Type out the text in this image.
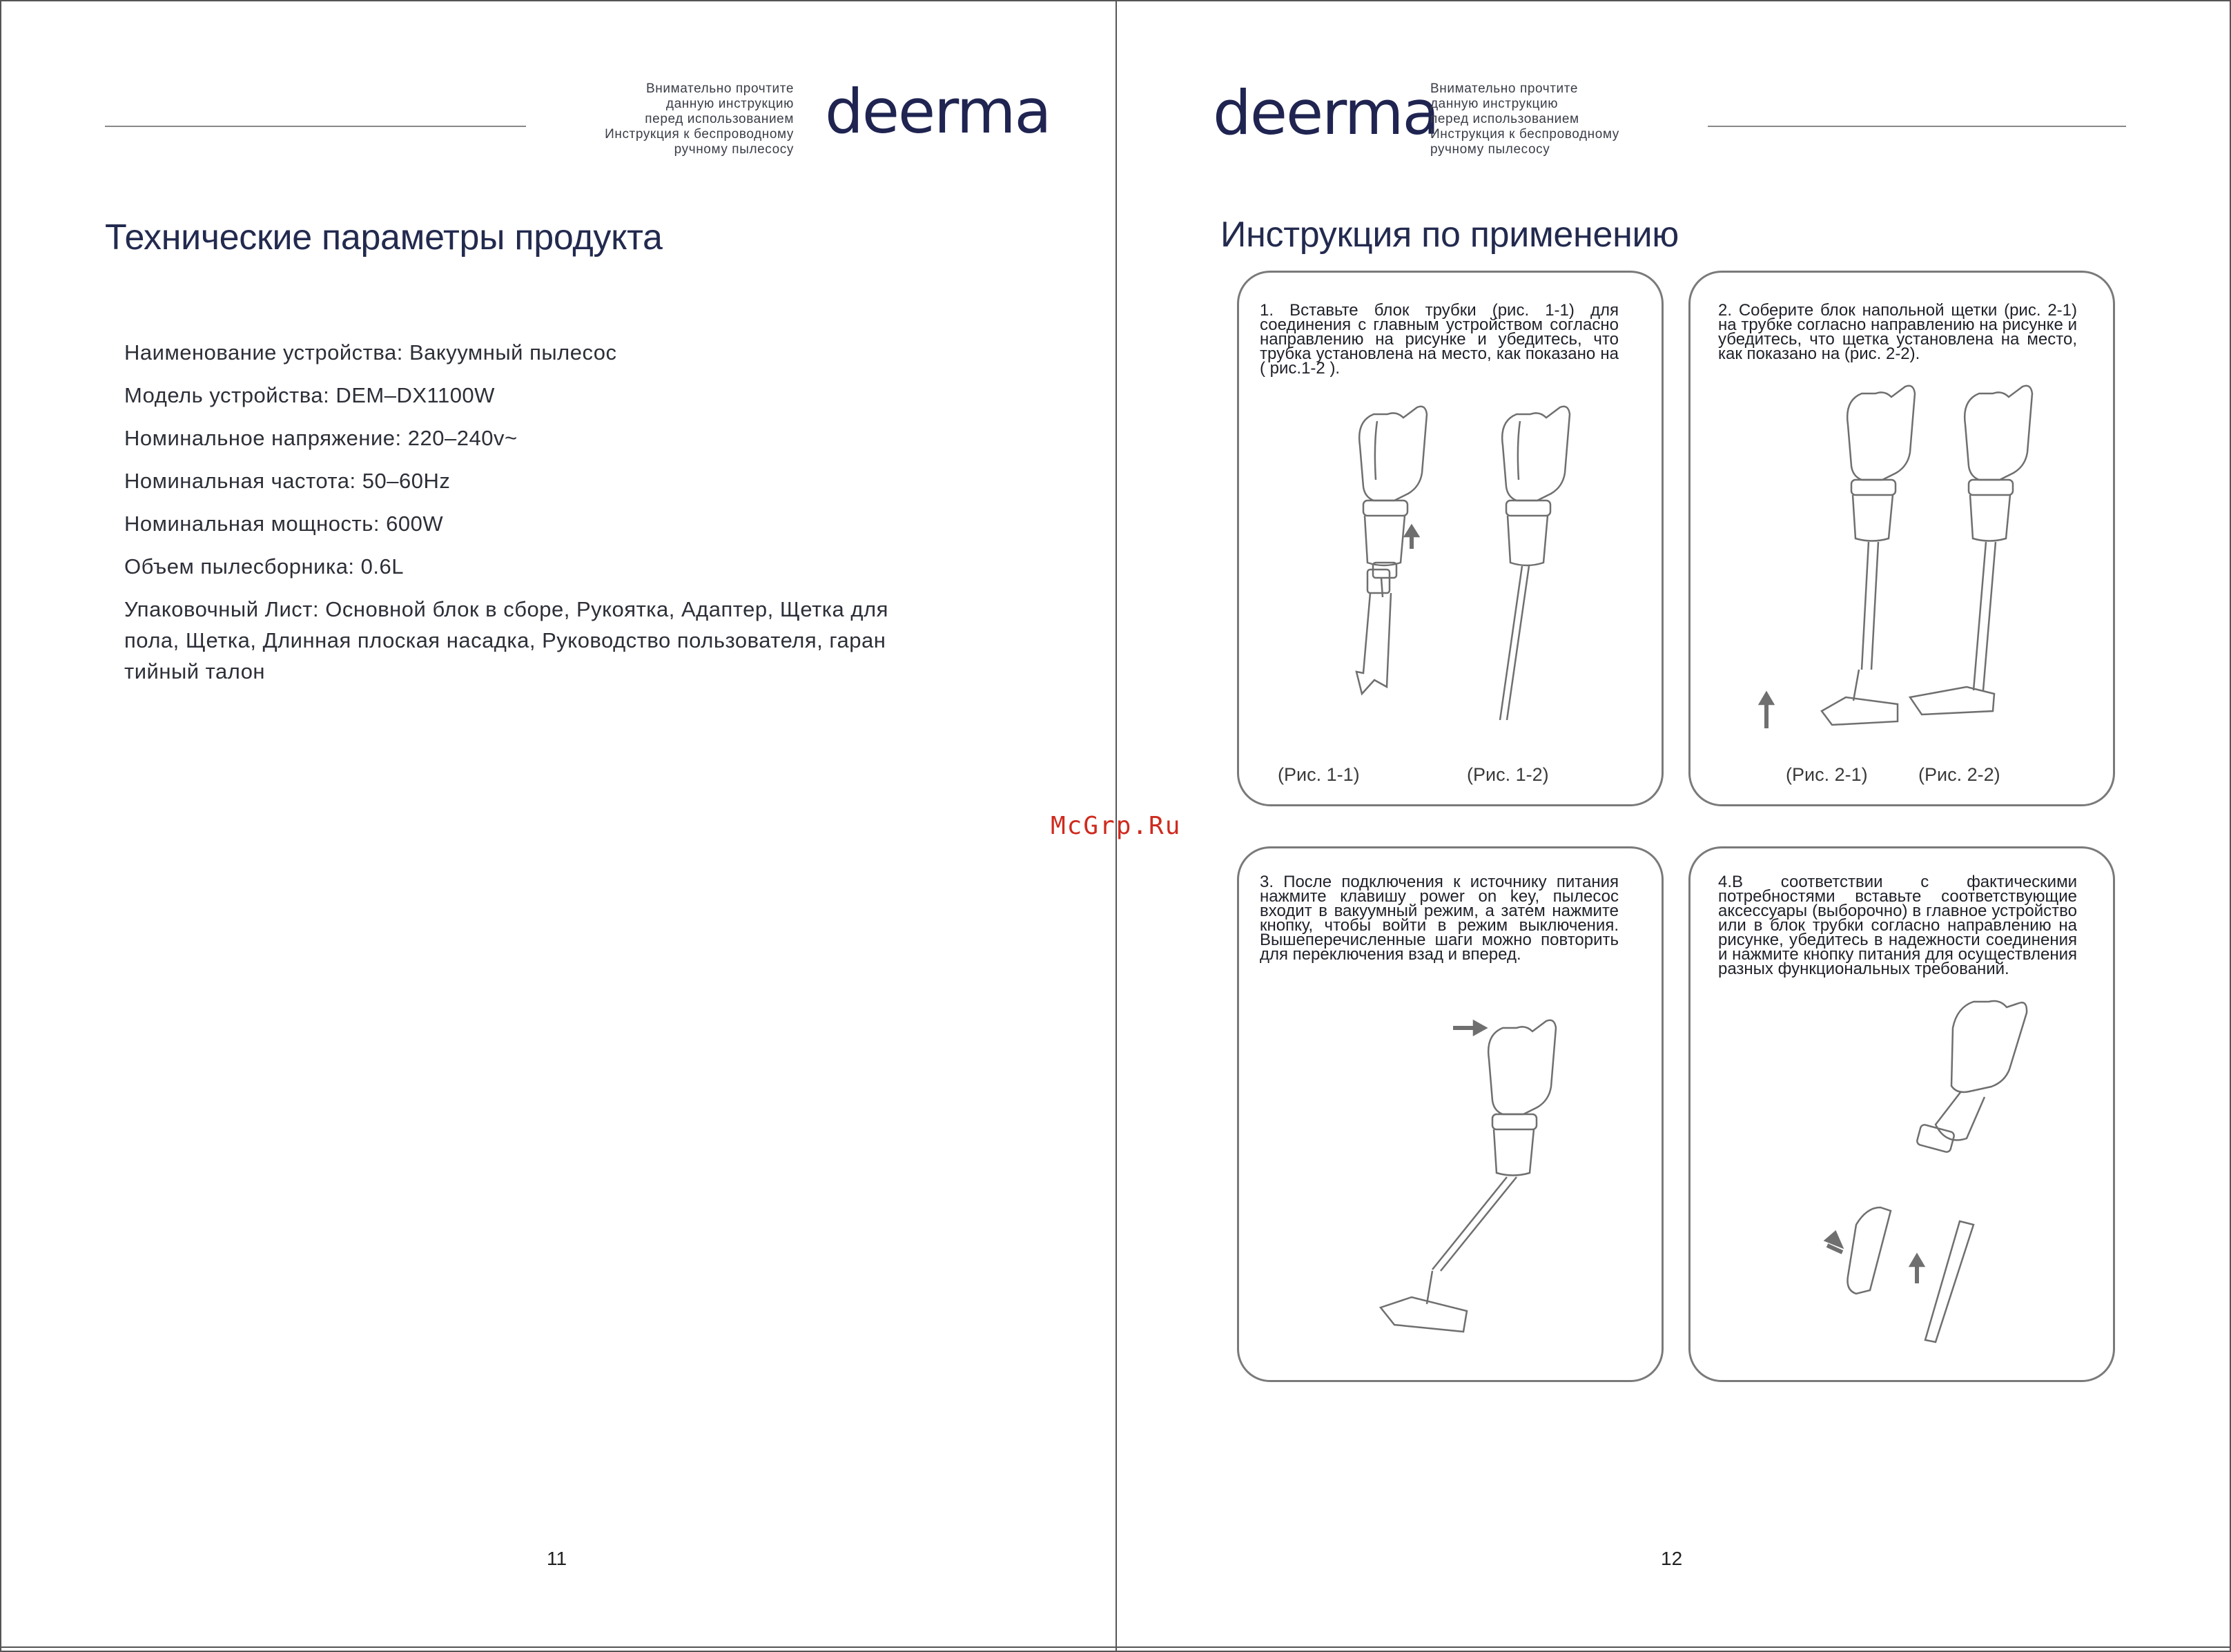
Внимательно прочтите
данную инструкцию
перед использованием
Инструкция к беспроводному
ручному пылесосу
deerma
Технические параметры продукта
Наименование устройства: Вакуумный пылесос
Модель устройства: DEM–DX1100W
Номинальное напряжение: 220–240v~
Номинальная частота: 50–60Hz
Номинальная мощность: 600W
Объем пылесборника: 0.6L
Упаковочный Лист: Основной блок в сборе, Рукоятка, Адаптер, Щетка для
пола, Щетка, Длинная плоская насадка, Руководство пользователя, гаран
тийный талон
11
deerma
Внимательно прочтите
данную инструкцию
перед использованием
Инструкция к беспроводному
ручному пылесосу
Инструкция по применению
1. Вставьте блок трубки (рис. 1-1) для соединения с главным устройством согласно направлению на рисунке и убедитесь, что трубка установлена на место, как показано на ( рис.1-2 ).
(Рис. 1-1)	(Рис. 1-2)
2. Соберите блок напольной щетки (рис. 2-1) на трубке согласно направлению на рисунке и убедитесь, что щетка установлена на место, как показано на (рис. 2-2).
(Рис. 2-1)	(Рис. 2-2)
3. После подключения к источнику питания нажмите клавишу power on key, пылесос входит в вакуумный режим, а затем нажмите кнопку, чтобы войти в режим выключения. Вышеперечисленные шаги можно повторить для переключения взад и вперед.
4.В соответствии с фактическими потребностями вставьте соответствующие аксессуары (выборочно) в главное устройство или в блок трубки согласно направлению на рисунке, убедитесь в надежности соединения и нажмите кнопку питания для осуществления разных функциональных требований.
12
McGrp.Ru
